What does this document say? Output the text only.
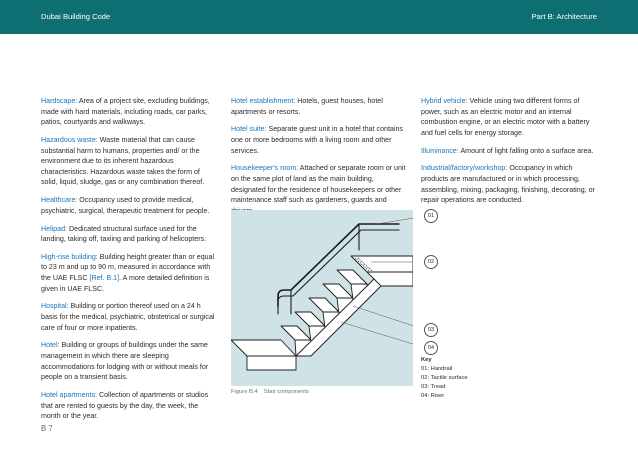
Dubai Building Code	Part B: Architecture

Hardscape: Area of a project site, excluding buildings, made with hard materials, including roads, car parks, patios, courtyards and walkways.

Hazardous waste: Waste material that can cause substantial harm to humans, properties and/ or the environment due to its inherent hazardous characteristics. Hazardous waste takes the form of solid, liquid, sludge, gas or any combination thereof.

Healthcare: Occupancy used to provide medical, psychiatric, surgical, therapeutic treatment for people.

Helipad: Dedicated structural surface used for the landing, taking off, taxiing and parking of helicopters.

High-rise building: Building height greater than or equal to 23 m and up to 90 m, measured in accordance with the UAE FLSC [Ref. B.1]. A more detailed definition is given in UAE FLSC.

Hospital: Building or portion thereof used on a 24 h basis for the medical, psychiatric, obstetrical or surgical care of four or more inpatients.

Hotel: Building or groups of buildings under the same management in which there are sleeping accommodations for lodging with or without meals for people on a transient basis.

Hotel apartments: Collection of apartments or studios that are rented to guests by the day, the week, the month or the year.

Hotel establishment: Hotels, guest houses, hotel apartments or resorts.

Hotel suite: Separate guest unit in a hotel that contains one or more bedrooms with a living room and other services.

Housekeeper's room: Attached or separate room or unit on the same plot of land as the main building, designated for the residence of housekeepers or other maintenance staff such as gardeners, guards and

Hybrid vehicle: Vehicle using two different forms of power, such as an electric motor and an internal combustion engine, or an electric motor with a battery and fuel cells for energy storage.

Illuminance: Amount of light falling onto a surface area.

Industrial/factory/workshop: Occupancy in which products are manufactured or in which processing, assembling, mixing, packaging, finishing, decorating, or repair operations are conducted.

01
02
03
04
Figure B.4 Stair components
Key
01: Handrail
02: Tactile surface
03: Tread
04: Riser
B 7
